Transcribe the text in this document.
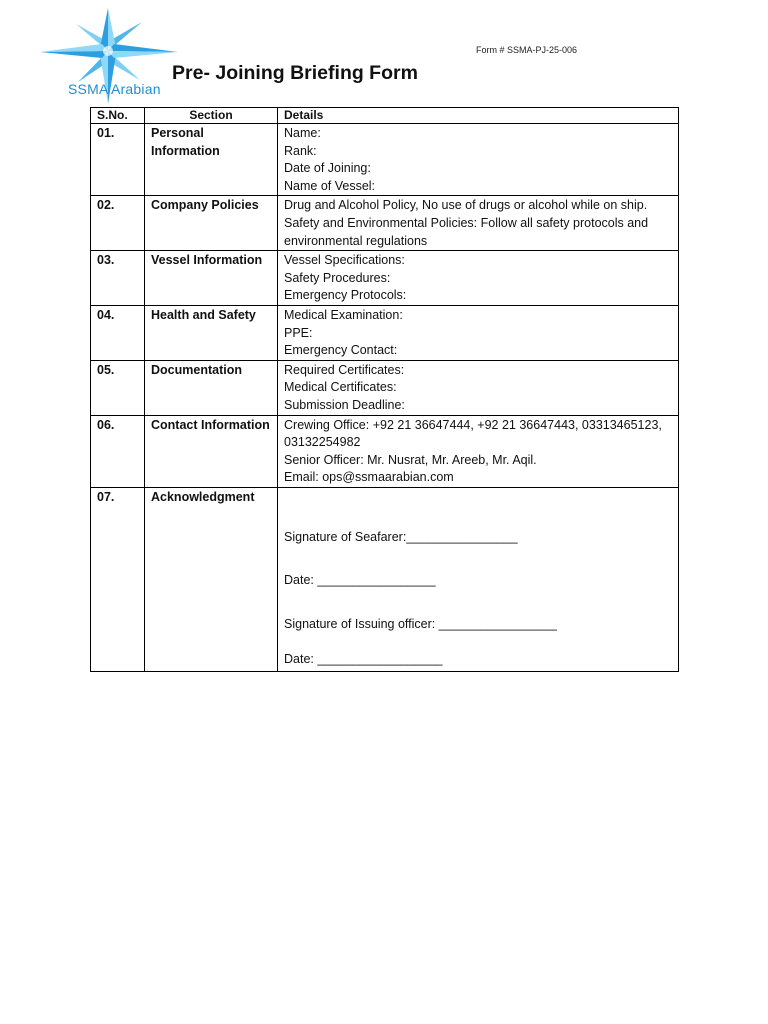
SSMA Arabian
Form # SSMA-PJ-25-006
Pre- Joining Briefing Form
S.No.	Section	Details
01.	Personal Information	Name:
Rank:
Date of Joining:
Name of Vessel:

02.	Company Policies	Drug and Alcohol Policy, No use of drugs or alcohol while on ship.
Safety and Environmental Policies: Follow all safety protocols and environmental regulations

03.	Vessel Information	Vessel Specifications:
Safety Procedures:
Emergency Protocols:

04.	Health and Safety	Medical Examination:
PPE:
Emergency Contact:

05.	Documentation	Required Certificates:
Medical Certificates:
Submission Deadline:

06.	Contact Information	Crewing Office: +92 21 36647444, +92 21 36647443, 03313465123, 03132254982
Senior Officer: Mr. Nusrat, Mr. Areeb, Mr. Aqil.
Email: ops@ssmaarabian.com

07.	Acknowledgment	Signature of Seafarer:________________
Date: _________________
Signature of Issuing officer: _________________
Date: __________________
